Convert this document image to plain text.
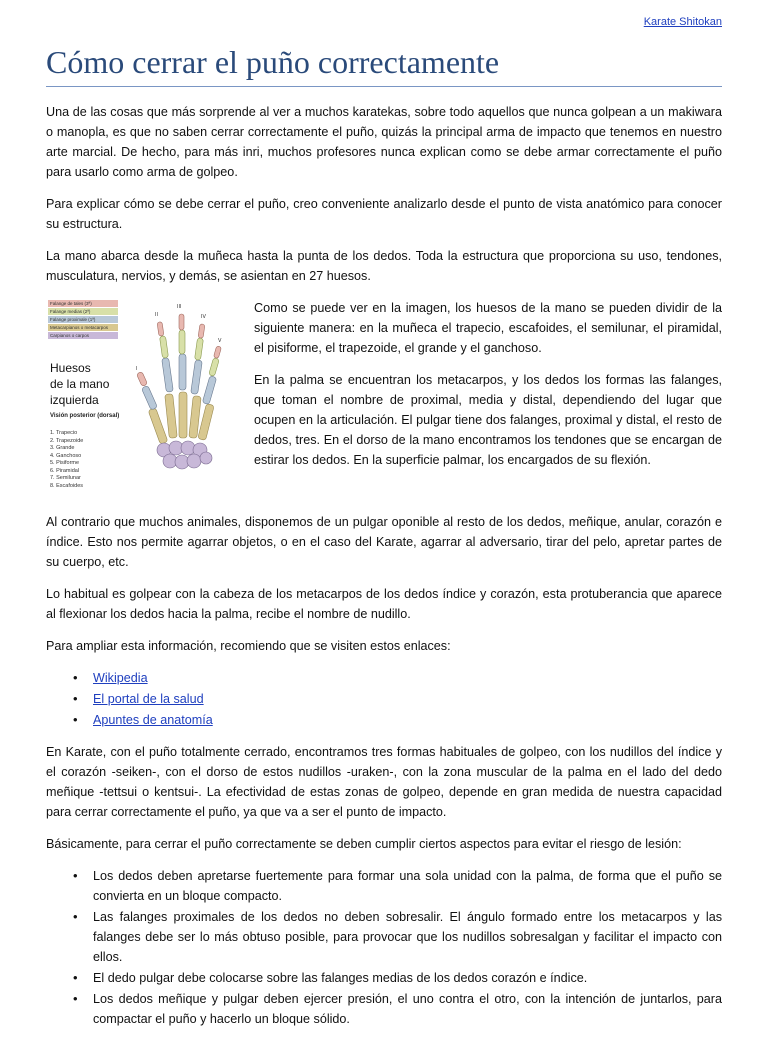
Karate Shitokan
Cómo cerrar el puño correctamente

Una de las cosas que más sorprende al ver a muchos karatekas, sobre todo aquellos que nunca golpean a un makiwara o manopla, es que no saben cerrar correctamente el puño, quizás la principal arma de impacto que tenemos en nuestro arte marcial. De hecho, para más inri, muchos profesores nunca explican como se debe armar correctamente el puño para usarlo como arma de golpeo.

Para explicar cómo se debe cerrar el puño, creo conveniente analizarlo desde el punto de vista anatómico para conocer su estructura.

La mano abarca desde la muñeca hasta la punta de los dedos. Toda la estructura que proporciona su uso, tendones, musculatura, nervios, y demás, se asientan en 27 huesos.

Falange de tales (3ª)
Falange medias (2ª)
Falange proximale (1ª)
Metacarpianos o metacarpos
Carpianos o carpos
Huesos
de la mano
izquierda
Visión posterior (dorsal)
1. Trapecio
2. Trapezoide
3. Grande
4. Ganchoso
5. Pisiforme
6. Piramidal
7. Semilunar
8. Escafoides
I
II
III
IV
V

Como se puede ver en la imagen, los huesos de la mano se pueden dividir de la siguiente manera: en la muñeca el trapecio, escafoides, el semilunar, el piramidal, el pisiforme, el trapezoide, el grande y el ganchoso.

En la palma se encuentran los metacarpos, y los dedos los formas las falanges, que toman el nombre de proximal, media y distal, dependiendo del lugar que ocupen en la articulación. El pulgar tiene dos falanges, proximal y distal, el resto de dedos, tres. En el dorso de la mano encontramos los tendones que se encargan de estirar los dedos. En la superficie palmar, los encargados de su flexión.

Al contrario que muchos animales, disponemos de un pulgar oponible al resto de los dedos, meñique, anular, corazón e índice. Esto nos permite agarrar objetos, o en el caso del Karate, agarrar al adversario, tirar del pelo, apretar partes de su cuerpo, etc.

Lo habitual es golpear con la cabeza de los metacarpos de los dedos índice y corazón, esta protuberancia que aparece al flexionar los dedos hacia la palma, recibe el nombre de nudillo.

Para ampliar esta información, recomiendo que se visiten estos enlaces:

• Wikipedia
• El portal de la salud
• Apuntes de anatomía

En Karate, con el puño totalmente cerrado, encontramos tres formas habituales de golpeo, con los nudillos del índice y el corazón -seiken-, con el dorso de estos nudillos -uraken-, con la zona muscular de la palma en el lado del dedo meñique -tettsui o kentsui-. La efectividad de estas zonas de golpeo, depende en gran medida de nuestra capacidad para cerrar correctamente el puño, ya que va a ser el punto de impacto.

Básicamente, para cerrar el puño correctamente se deben cumplir ciertos aspectos para evitar el riesgo de lesión:

• Los dedos deben apretarse fuertemente para formar una sola unidad con la palma, de forma que el puño se convierta en un bloque compacto.
• Las falanges proximales de los dedos no deben sobresalir. El ángulo formado entre los metacarpos y las falanges debe ser lo más obtuso posible, para provocar que los nudillos sobresalgan y facilitar el impacto con ellos.
• El dedo pulgar debe colocarse sobre las falanges medias de los dedos corazón e índice.
• Los dedos meñique y pulgar deben ejercer presión, el uno contra el otro, con la intención de juntarlos, para compactar el puño y hacerlo un bloque sólido.
